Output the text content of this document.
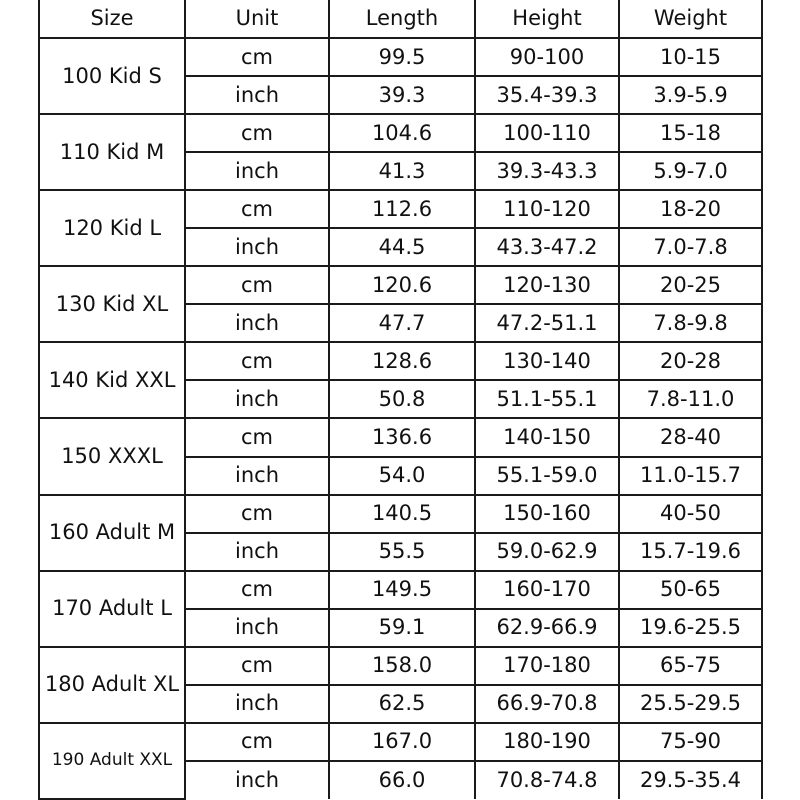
Size	Unit	Length	Height	Weight
100 Kid S	cm	99.5	90-100	10-15
	inch	39.3	35.4-39.3	3.9-5.9
110 Kid M	cm	104.6	100-110	15-18
	inch	41.3	39.3-43.3	5.9-7.0
120 Kid L	cm	112.6	110-120	18-20
	inch	44.5	43.3-47.2	7.0-7.8
130 Kid XL	cm	120.6	120-130	20-25
	inch	47.7	47.2-51.1	7.8-9.8
140 Kid XXL	cm	128.6	130-140	20-28
	inch	50.8	51.1-55.1	7.8-11.0
150 XXXL	cm	136.6	140-150	28-40
	inch	54.0	55.1-59.0	11.0-15.7
160 Adult M	cm	140.5	150-160	40-50
	inch	55.5	59.0-62.9	15.7-19.6
170 Adult L	cm	149.5	160-170	50-65
	inch	59.1	62.9-66.9	19.6-25.5
180 Adult XL	cm	158.0	170-180	65-75
	inch	62.5	66.9-70.8	25.5-29.5
190 Adult XXL	cm	167.0	180-190	75-90
	inch	66.0	70.8-74.8	29.5-35.4
